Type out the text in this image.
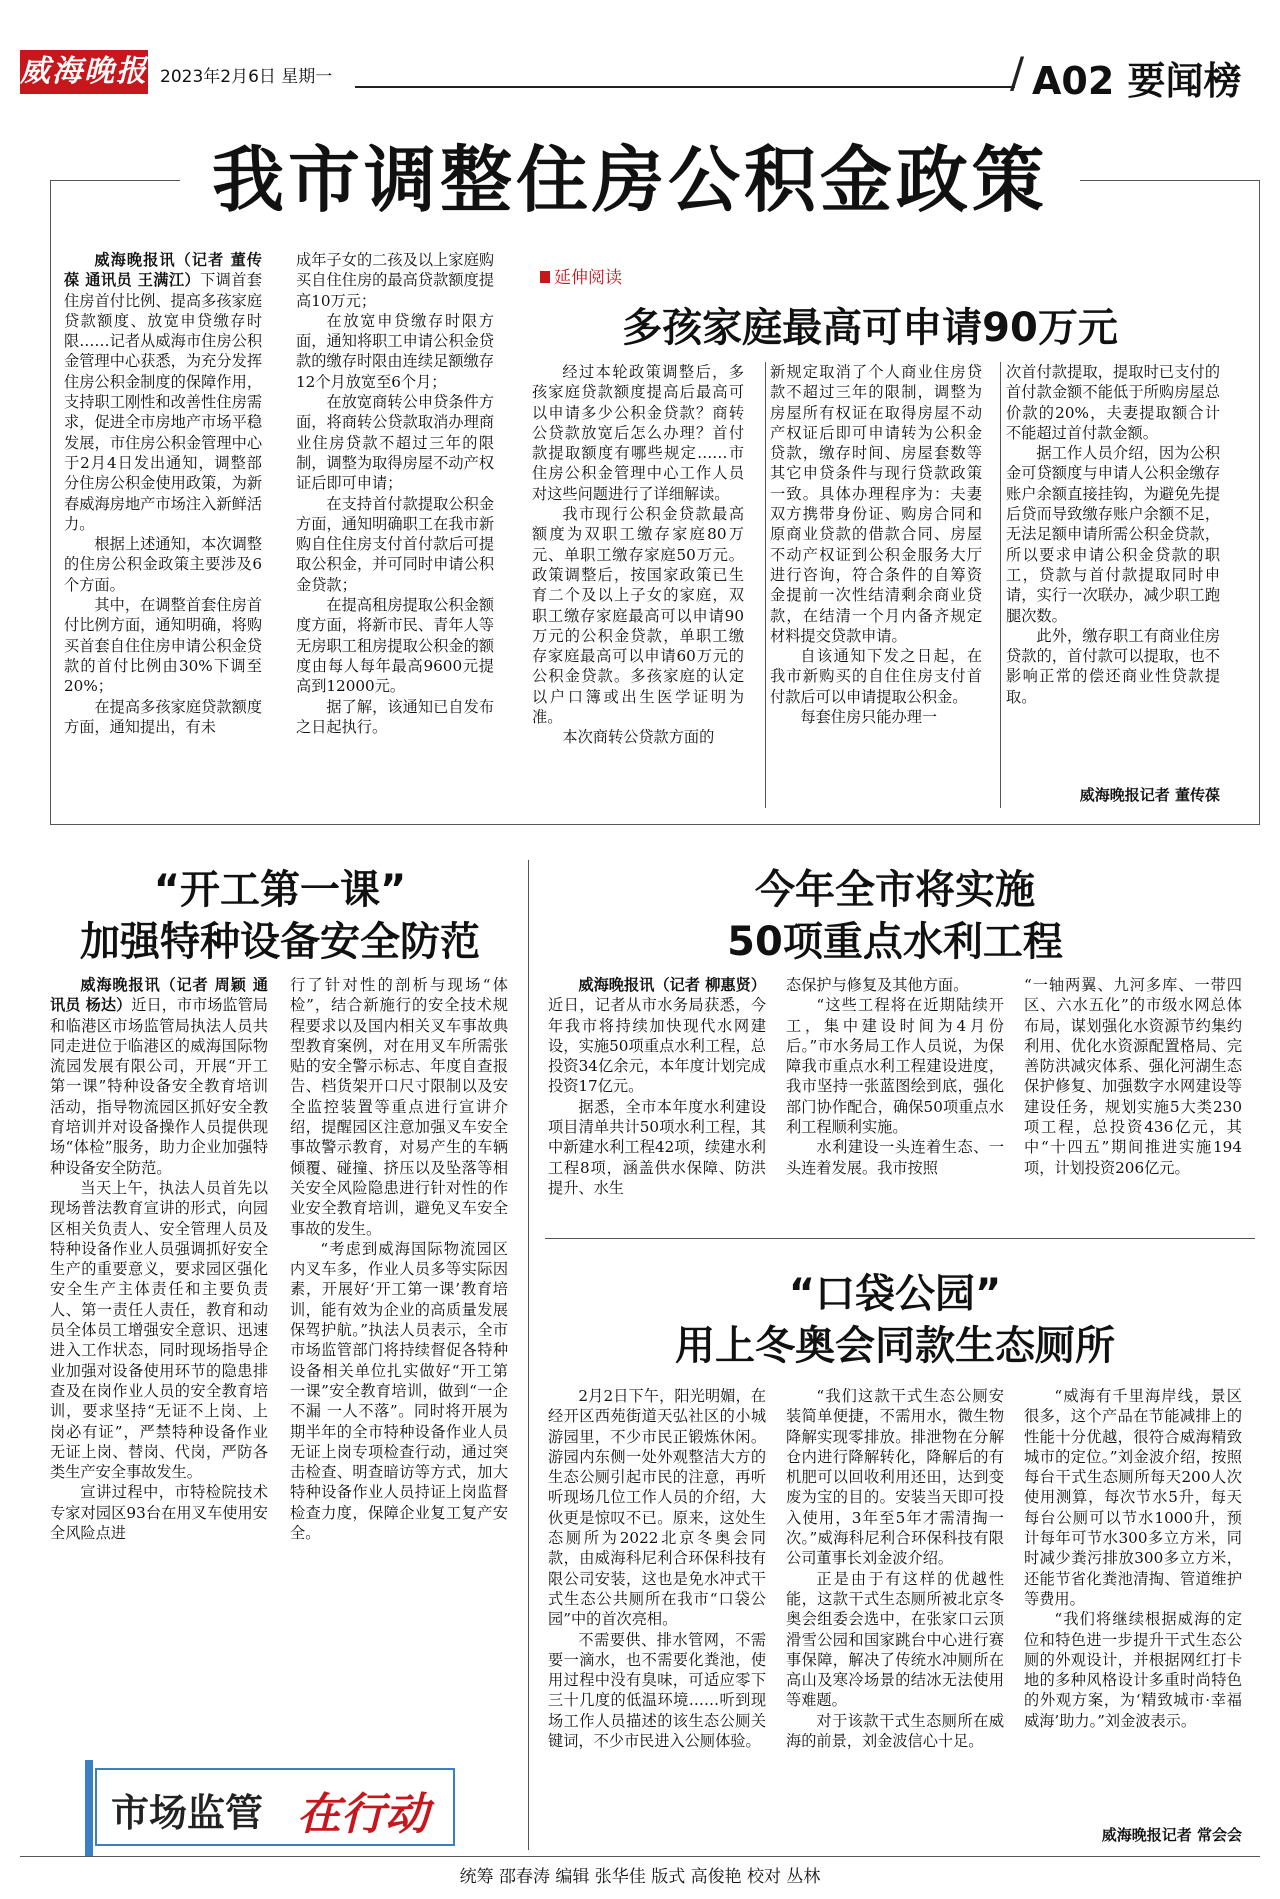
威海晚报 2023年2月6日 星期一	/ A02 要闻榜
我市调整住房公积金政策

威海晚报讯（记者 董传葆 通讯员 王满江）下调首套住房首付比例、提高多孩家庭贷款额度、放宽申贷缴存时限……记者从威海市住房公积金管理中心获悉，为充分发挥住房公积金制度的保障作用，支持职工刚性和改善性住房需求，促进全市房地产市场平稳发展，市住房公积金管理中心于2月4日发出通知，调整部分住房公积金使用政策，为新春威海房地产市场注入新鲜活力。

根据上述通知，本次调整的住房公积金政策主要涉及6个方面。

其中，在调整首套住房首付比例方面，通知明确，将购买首套自住住房申请公积金贷款的首付比例由30%下调至20%；

在提高多孩家庭贷款额度方面，通知提出，有未

成年子女的二孩及以上家庭购买自住住房的最高贷款额度提高10万元；

在放宽申贷缴存时限方面，通知将职工申请公积金贷款的缴存时限由连续足额缴存12个月放宽至6个月；

在放宽商转公申贷条件方面，将商转公贷款取消办理商业住房贷款不超过三年的限制，调整为取得房屋不动产权证后即可申请；

在支持首付款提取公积金方面，通知明确职工在我市新购自住住房支付首付款后可提取公积金，并可同时申请公积金贷款；

在提高租房提取公积金额度方面，将新市民、青年人等无房职工租房提取公积金的额度由每人每年最高9600元提高到12000元。

据了解，该通知已自发布之日起执行。

延伸阅读
多孩家庭最高可申请90万元

经过本轮政策调整后，多孩家庭贷款额度提高后最高可以申请多少公积金贷款？商转公贷款放宽后怎么办理？首付款提取额度有哪些规定……市住房公积金管理中心工作人员对这些问题进行了详细解读。

我市现行公积金贷款最高额度为双职工缴存家庭80万元、单职工缴存家庭50万元。政策调整后，按国家政策已生育二个及以上子女的家庭，双职工缴存家庭最高可以申请90万元的公积金贷款，单职工缴存家庭最高可以申请60万元的公积金贷款。多孩家庭的认定以户口簿或出生医学证明为准。

本次商转公贷款方面的

新规定取消了个人商业住房贷款不超过三年的限制，调整为房屋所有权证在取得房屋不动产权证后即可申请转为公积金贷款，缴存时间、房屋套数等其它申贷条件与现行贷款政策一致。具体办理程序为：夫妻双方携带身份证、购房合同和原商业贷款的借款合同、房屋不动产权证到公积金服务大厅进行咨询，符合条件的自筹资金提前一次性结清剩余商业贷款，在结清一个月内备齐规定材料提交贷款申请。

自该通知下发之日起，在我市新购买的自住住房支付首付款后可以申请提取公积金。

每套住房只能办理一

次首付款提取，提取时已支付的首付款金额不能低于所购房屋总价款的20%，夫妻提取额合计不能超过首付款金额。

据工作人员介绍，因为公积金可贷额度与申请人公积金缴存账户余额直接挂钩，为避免先提后贷而导致缴存账户余额不足，无法足额申请所需公积金贷款，所以要求申请公积金贷款的职工，贷款与首付款提取同时申请，实行一次联办，减少职工跑腿次数。

此外，缴存职工有商业住房贷款的，首付款可以提取，也不影响正常的偿还商业性贷款提取。

威海晚报记者 董传葆
“开工第一课”
加强特种设备安全防范

威海晚报讯（记者 周颖 通讯员 杨达）近日，市市场监管局和临港区市场监管局执法人员共同走进位于临港区的威海国际物流园发展有限公司，开展“开工第一课”特种设备安全教育培训活动，指导物流园区抓好安全教育培训并对设备操作人员提供现场“体检”服务，助力企业加强特种设备安全防范。

当天上午，执法人员首先以现场普法教育宣讲的形式，向园区相关负责人、安全管理人员及特种设备作业人员强调抓好安全生产的重要意义，要求园区强化安全生产主体责任和主要负责人、第一责任人责任，教育和动员全体员工增强安全意识、迅速进入工作状态，同时现场指导企业加强对设备使用环节的隐患排查及在岗作业人员的安全教育培训，要求坚持“无证不上岗、上岗必有证”，严禁特种设备作业无证上岗、替岗、代岗，严防各类生产安全事故发生。

宣讲过程中，市特检院技术专家对园区93台在用叉车使用安全风险点进

行了针对性的剖析与现场“体检”，结合新施行的安全技术规程要求以及国内相关叉车事故典型教育案例，对在用叉车所需张贴的安全警示标志、年度自查报告、档货架开口尺寸限制以及安全监控装置等重点进行宣讲介绍，提醒园区注意加强叉车安全事故警示教育，对易产生的车辆倾覆、碰撞、挤压以及坠落等相关安全风险隐患进行针对性的作业安全教育培训，避免叉车安全事故的发生。

“考虑到威海国际物流园区内叉车多，作业人员多等实际因素，开展好‘开工第一课’教育培训，能有效为企业的高质量发展保驾护航。”执法人员表示，全市市场监管部门将持续督促各特种设备相关单位扎实做好“开工第一课”安全教育培训，做到“一企不漏 一人不落”。同时将开展为期半年的全市特种设备作业人员无证上岗专项检查行动，通过突击检查、明查暗访等方式，加大特种设备作业人员持证上岗监督检查力度，保障企业复工复产安全。

市场监管 在行动
今年全市将实施
50项重点水利工程

威海晚报讯（记者 柳惠贤）近日，记者从市水务局获悉，今年我市将持续加快现代水网建设，实施50项重点水利工程，总投资34亿余元，本年度计划完成投资17亿元。

据悉，全市本年度水利建设项目清单共计50项水利工程，其中新建水利工程42项，续建水利工程8项，涵盖供水保障、防洪提升、水生

态保护与修复及其他方面。

“这些工程将在近期陆续开工，集中建设时间为4月份后。”市水务局工作人员说，为保障我市重点水利工程建设进度，我市坚持一张蓝图绘到底，强化部门协作配合，确保50项重点水利工程顺利实施。

水利建设一头连着生态、一头连着发展。我市按照

“一轴两翼、九河多库、一带四区、六水五化”的市级水网总体布局，谋划强化水资源节约集约利用、优化水资源配置格局、完善防洪减灾体系、强化河湖生态保护修复、加强数字水网建设等建设任务，规划实施5大类230项工程，总投资436亿元，其中“十四五”期间推进实施194项，计划投资206亿元。

“口袋公园”
用上冬奥会同款生态厕所

2月2日下午，阳光明媚，在经开区西苑街道天弘社区的小城游园里，不少市民正锻炼休闲。游园内东侧一处外观整洁大方的生态公厕引起市民的注意，再听听现场几位工作人员的介绍，大伙更是惊叹不已。原来，这处生态厕所为2022北京冬奥会同款，由威海科尼利合环保科技有限公司安装，这也是免水冲式干式生态公共厕所在我市“口袋公园”中的首次亮相。

不需要供、排水管网，不需要一滴水，也不需要化粪池，使用过程中没有臭味，可适应零下三十几度的低温环境……听到现场工作人员描述的该生态公厕关键词，不少市民进入公厕体验。

“我们这款干式生态公厕安装简单便捷，不需用水，微生物降解实现零排放。排泄物在分解仓内进行降解转化，降解后的有机肥可以回收利用还田，达到变废为宝的目的。安装当天即可投入使用，3年至5年才需清掏一次。”威海科尼利合环保科技有限公司董事长刘金波介绍。

正是由于有这样的优越性能，这款干式生态厕所被北京冬奥会组委会选中，在张家口云顶滑雪公园和国家跳台中心进行赛事保障，解决了传统水冲厕所在高山及寒冷场景的结冰无法使用等难题。

对于该款干式生态厕所在威海的前景，刘金波信心十足。

“威海有千里海岸线，景区很多，这个产品在节能减排上的性能十分优越，很符合威海精致城市的定位。”刘金波介绍，按照每台干式生态厕所每天200人次使用测算，每次节水5升，每天每台公厕可以节水1000升，预计每年可节水300多立方米，同时减少粪污排放300多立方米，还能节省化粪池清掏、管道维护等费用。

“我们将继续根据威海的定位和特色进一步提升干式生态公厕的外观设计，并根据网红打卡地的多种风格设计多重时尚特色的外观方案，为‘精致城市·幸福威海’助力。”刘金波表示。

威海晚报记者 常会会
统筹 邵春涛 编辑 张华佳 版式 高俊艳 校对 丛林
